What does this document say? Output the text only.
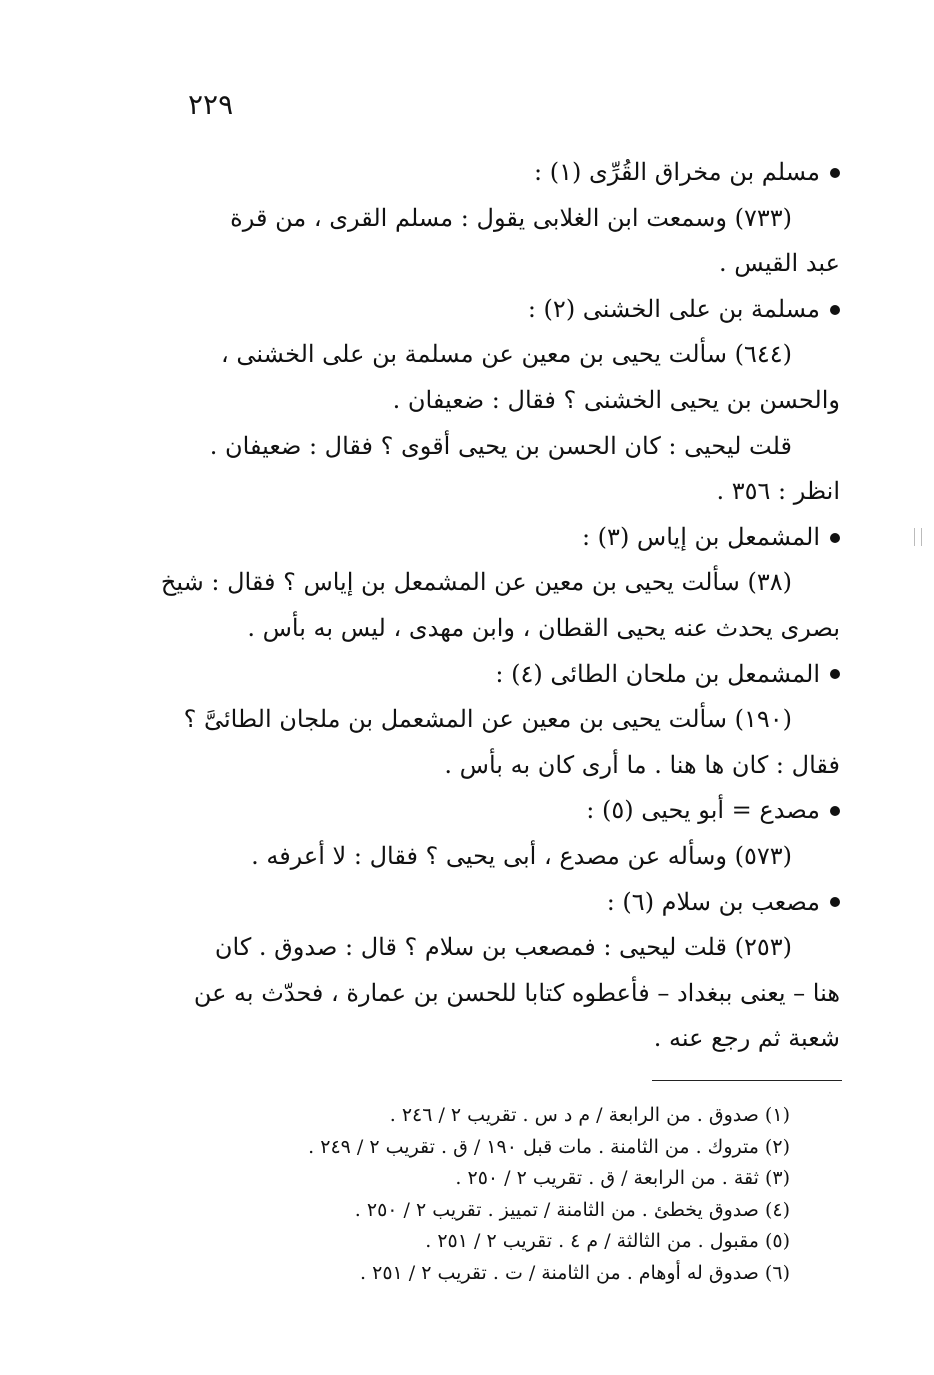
٢٢٩

مسلم بن مخراق القُرِّى (١) :

(٧٣٣) وسمعت ابن الغلابى يقول : مسلم القرى ، من قرة

عبد القيس .

مسلمة بن على الخشنى (٢) :

(٦٤٤) سألت يحيى بن معين عن مسلمة بن على الخشنى ،

والحسن بن يحيى الخشنى ؟ فقال : ضعيفان .

قلت ليحيى : كان الحسن بن يحيى أقوى ؟ فقال : ضعيفان .

انظر : ٣٥٦ .

المشمعل بن إياس (٣) :

(٣٨) سألت يحيى بن معين عن المشمعل بن إياس ؟ فقال : شيخ

بصرى يحدث عنه يحيى القطان ، وابن مهدى ، ليس به بأس .

المشمعل بن ملحان الطائى (٤) :

(١٩٠) سألت يحيى بن معين عن المشعمل بن ملجان الطائىَّ ؟

فقال : كان ها هنا . ما أرى كان به بأس .

مصدع = أبو يحيى (٥) :

(٥٧٣) وسأله عن مصدع ، أبى يحيى ؟ فقال : لا أعرفه .

مصعب بن سلام (٦) :

(٢٥٣) قلت ليحيى : فمصعب بن سلام ؟ قال : صدوق . كان

هنا – يعنى ببغداد – فأعطوه كتابا للحسن بن عمارة ، فحدّث به عن

شعبة ثم رجع عنه .

(١) صدوق . من الرابعة / م د س . تقريب ٢ / ٢٤٦ .

(٢) متروك . من الثامنة . مات قبل ١٩٠ / ق . تقريب ٢ / ٢٤٩ .

(٣) ثقة . من الرابعة / ق . تقريب ٢ / ٢٥٠ .

(٤) صدوق يخطئ . من الثامنة / تمييز . تقريب ٢ / ٢٥٠ .

(٥) مقبول . من الثالثة / م ٤ . تقريب ٢ / ٢٥١ .

(٦) صدوق له أوهام . من الثامنة / ت . تقريب ٢ / ٢٥١ .
